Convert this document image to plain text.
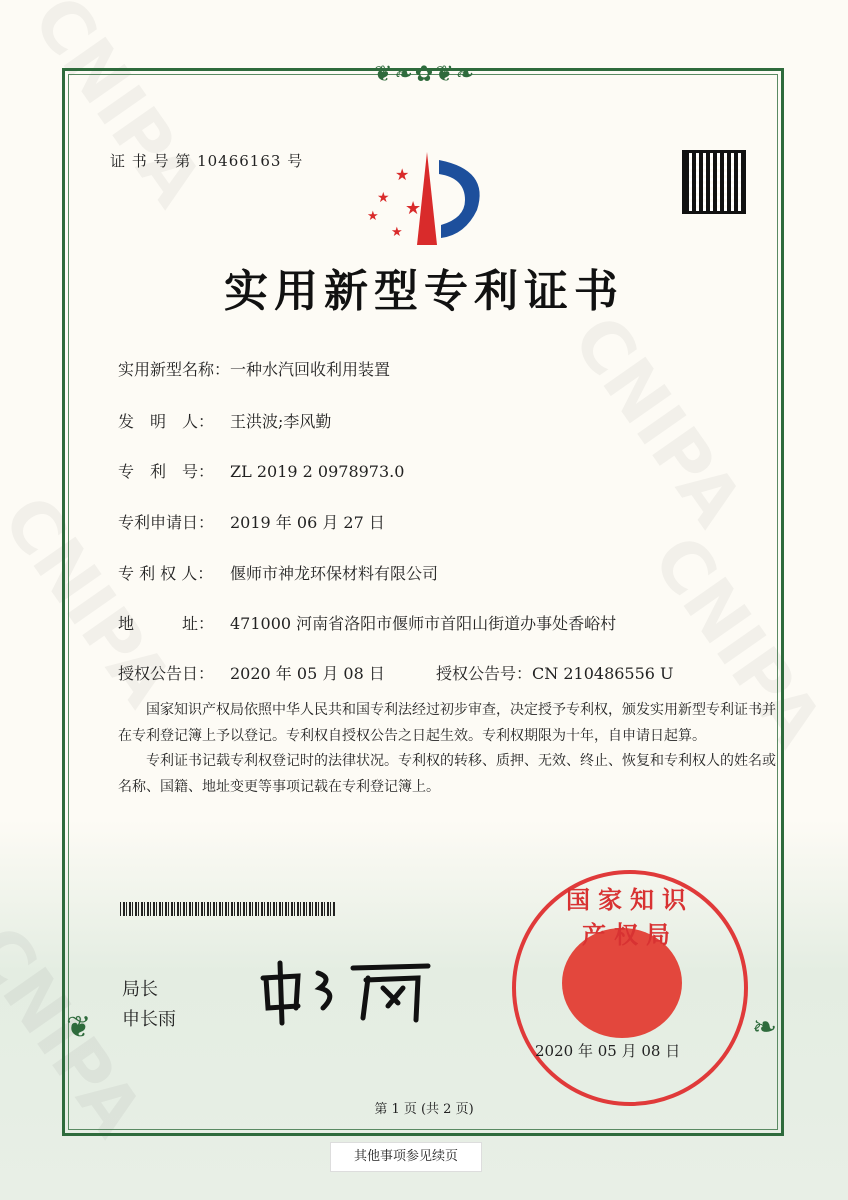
❦❧✿❦❧
❦	❧
证 书 号 第 10466163 号
★
★
★
★
★
实用新型专利证书
实用新型名称：一种水汽回收利用装置
发　明　人： 王洪波;李风勤
专　利　号： ZL 2019 2 0978973.0
专利申请日： 2019 年 06 月 27 日
专 利 权 人： 偃师市神龙环保材料有限公司
地　　　址： 471000 河南省洛阳市偃师市首阳山街道办事处香峪村
授权公告日： 2020 年 05 月 08 日	授权公告号：CN 210486556 U

国家知识产权局依照中华人民共和国专利法经过初步审查，决定授予专利权，颁发实用新型专利证书并在专利登记簿上予以登记。专利权自授权公告之日起生效。专利权期限为十年，自申请日起算。

专利证书记载专利权登记时的法律状况。专利权的转移、质押、无效、终止、恢复和专利权人的姓名或名称、国籍、地址变更等事项记载在专利登记簿上。

局长
申长雨
国家知识产权局
2020 年 05 月 08 日
第 1 页 (共 2 页)
其他事项参见续页
